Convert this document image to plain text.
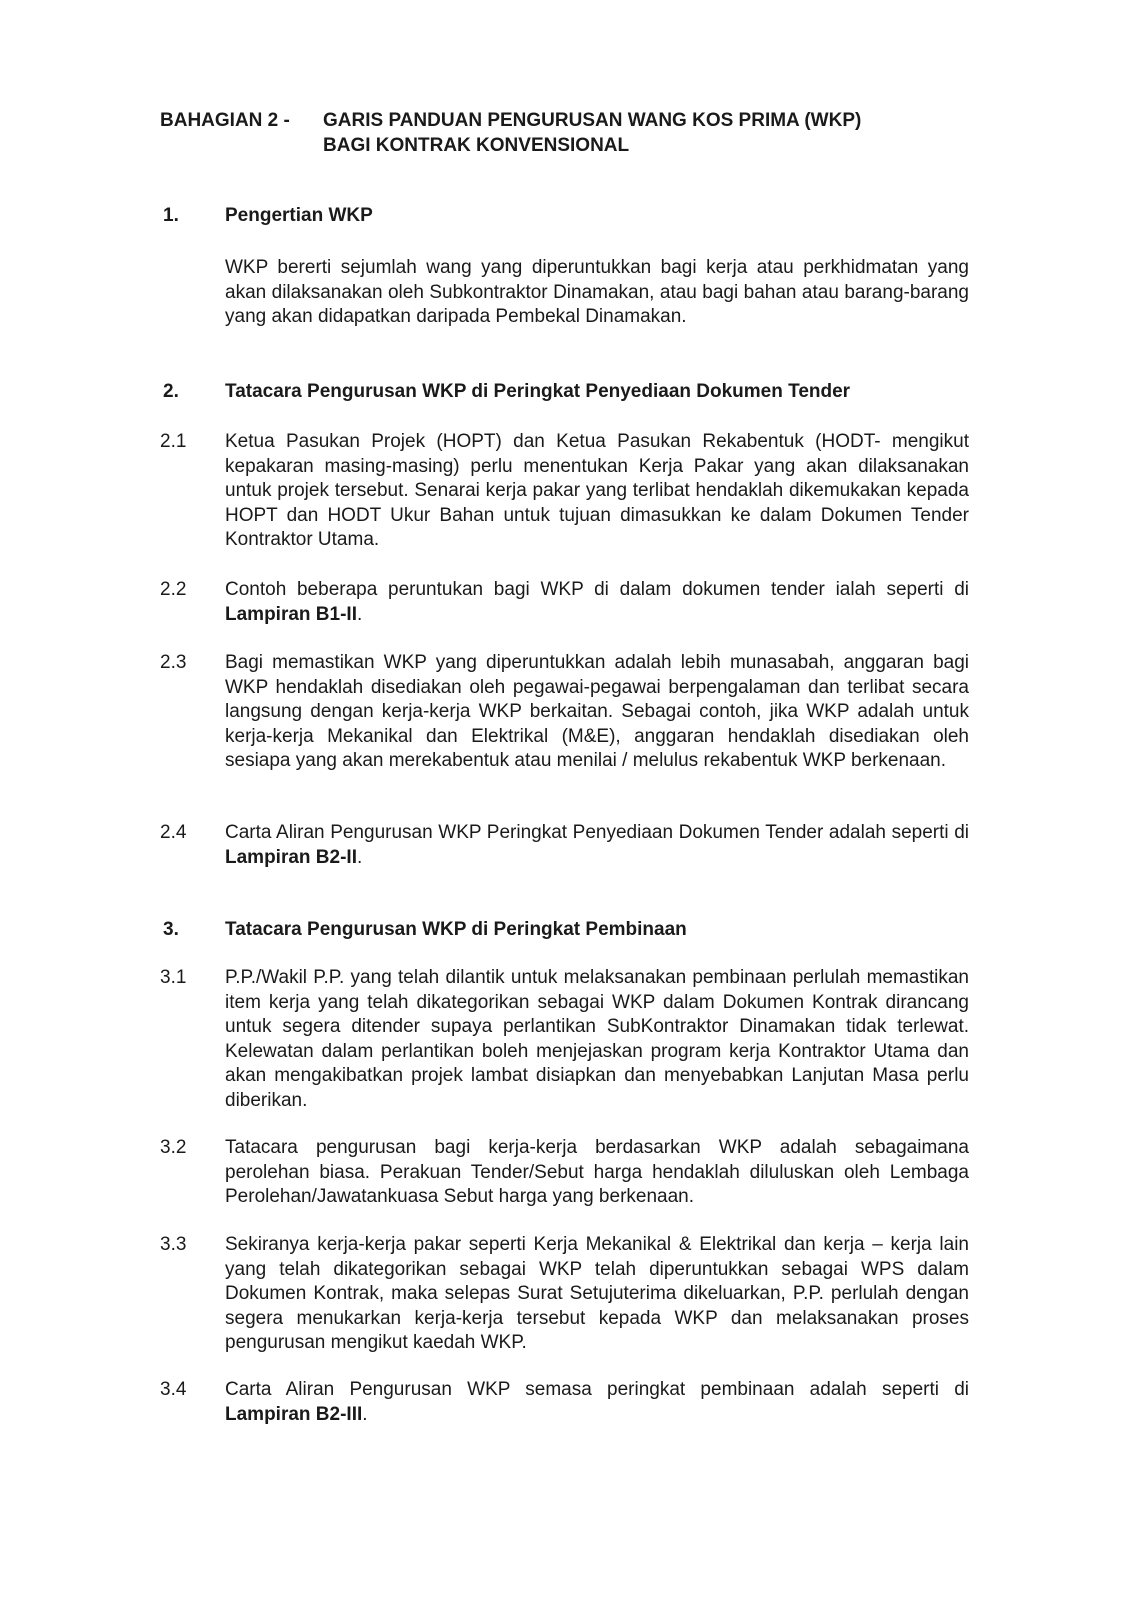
BAHAGIAN 2 - GARIS PANDUAN PENGURUSAN WANG KOS PRIMA (WKP)
BAGI KONTRAK KONVENSIONAL
1. Pengertian WKP
WKP bererti sejumlah wang yang diperuntukkan bagi kerja atau perkhidmatan yang akan dilaksanakan oleh Subkontraktor Dinamakan, atau bagi bahan atau barang-barang yang akan didapatkan daripada Pembekal Dinamakan.
2. Tatacara Pengurusan WKP di Peringkat Penyediaan Dokumen Tender
2.1 Ketua Pasukan Projek (HOPT) dan Ketua Pasukan Rekabentuk (HODT- mengikut kepakaran masing-masing) perlu menentukan Kerja Pakar yang akan dilaksanakan untuk projek tersebut. Senarai kerja pakar yang terlibat hendaklah dikemukakan kepada HOPT dan HODT Ukur Bahan untuk tujuan dimasukkan ke dalam Dokumen Tender Kontraktor Utama.
2.2 Contoh beberapa peruntukan bagi WKP di dalam dokumen tender ialah seperti di Lampiran B1-II.
2.3 Bagi memastikan WKP yang diperuntukkan adalah lebih munasabah, anggaran bagi WKP hendaklah disediakan oleh pegawai-pegawai berpengalaman dan terlibat secara langsung dengan kerja-kerja WKP berkaitan. Sebagai contoh, jika WKP adalah untuk kerja-kerja Mekanikal dan Elektrikal (M&E), anggaran hendaklah disediakan oleh sesiapa yang akan merekabentuk atau menilai / melulus rekabentuk WKP berkenaan.
2.4 Carta Aliran Pengurusan WKP Peringkat Penyediaan Dokumen Tender adalah seperti di Lampiran B2-II.
3. Tatacara Pengurusan WKP di Peringkat Pembinaan
3.1 P.P./Wakil P.P. yang telah dilantik untuk melaksanakan pembinaan perlulah memastikan item kerja yang telah dikategorikan sebagai WKP dalam Dokumen Kontrak dirancang untuk segera ditender supaya perlantikan SubKontraktor Dinamakan tidak terlewat. Kelewatan dalam perlantikan boleh menjejaskan program kerja Kontraktor Utama dan akan mengakibatkan projek lambat disiapkan dan menyebabkan Lanjutan Masa perlu diberikan.
3.2 Tatacara pengurusan bagi kerja-kerja berdasarkan WKP adalah sebagaimana perolehan biasa. Perakuan Tender/Sebut harga hendaklah diluluskan oleh Lembaga Perolehan/Jawatankuasa Sebut harga yang berkenaan.
3.3 Sekiranya kerja-kerja pakar seperti Kerja Mekanikal & Elektrikal dan kerja – kerja lain yang telah dikategorikan sebagai WKP telah diperuntukkan sebagai WPS dalam Dokumen Kontrak, maka selepas Surat Setujuterima dikeluarkan, P.P. perlulah dengan segera menukarkan kerja-kerja tersebut kepada WKP dan melaksanakan proses pengurusan mengikut kaedah WKP.
3.4 Carta Aliran Pengurusan WKP semasa peringkat pembinaan adalah seperti di Lampiran B2-III.
